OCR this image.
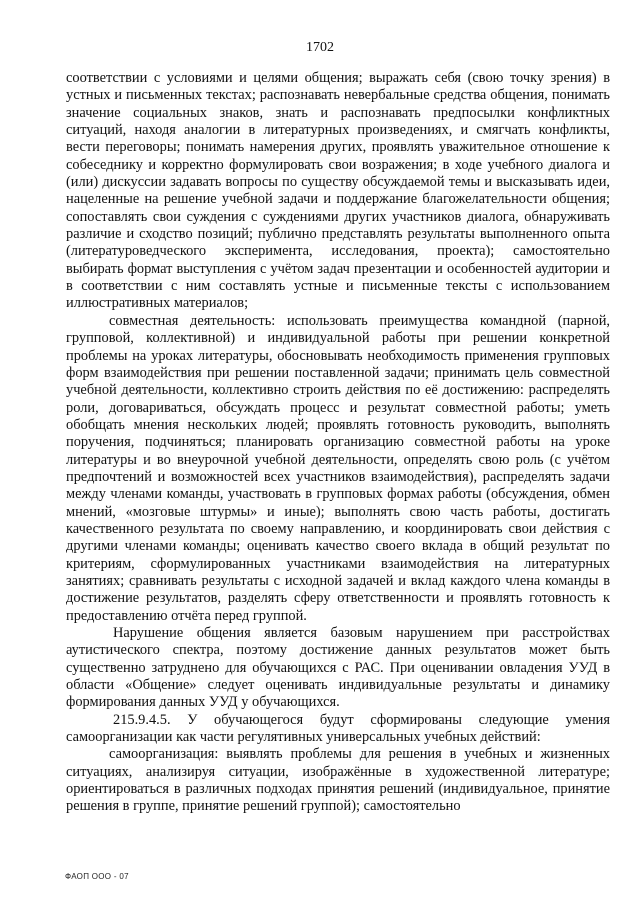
1702

соответствии с условиями и целями общения; выражать себя (свою точку зрения) в устных и письменных текстах; распознавать невербальные средства общения, понимать значение социальных знаков, знать и распознавать предпосылки конфликтных ситуаций, находя аналогии в литературных произведениях, и смягчать конфликты, вести переговоры; понимать намерения других, проявлять уважительное отношение к собеседнику и корректно формулировать свои возражения; в ходе учебного диалога и (или) дискуссии задавать вопросы по существу обсуждаемой темы и высказывать идеи, нацеленные на решение учебной задачи и поддержание благожелательности общения; сопоставлять свои суждения с суждениями других участников диалога, обнаруживать различие и сходство позиций; публично представлять результаты выполненного опыта (литературоведческого эксперимента, исследования, проекта); самостоятельно выбирать формат выступления с учётом задач презентации и особенностей аудитории и в соответствии с ним составлять устные и письменные тексты с использованием иллюстративных материалов;

совместная деятельность: использовать преимущества командной (парной, групповой, коллективной) и индивидуальной работы при решении конкретной проблемы на уроках литературы, обосновывать необходимость применения групповых форм взаимодействия при решении поставленной задачи; принимать цель совместной учебной деятельности, коллективно строить действия по её достижению: распределять роли, договариваться, обсуждать процесс и результат совместной работы; уметь обобщать мнения нескольких людей; проявлять готовность руководить, выполнять поручения, подчиняться; планировать организацию совместной работы на уроке литературы и во внеурочной учебной деятельности, определять свою роль (с учётом предпочтений и возможностей всех участников взаимодействия), распределять задачи между членами команды, участвовать в групповых формах работы (обсуждения, обмен мнений, «мозговые штурмы» и иные); выполнять свою часть работы, достигать качественного результата по своему направлению, и координировать свои действия с другими членами команды; оценивать качество своего вклада в общий результат по критериям, сформулированных участниками взаимодействия на литературных занятиях; сравнивать результаты с исходной задачей и вклад каждого члена команды в достижение результатов, разделять сферу ответственности и проявлять готовность к предоставлению отчёта перед группой.

Нарушение общения является базовым нарушением при расстройствах аутистического спектра, поэтому достижение данных результатов может быть существенно затруднено для обучающихся с РАС. При оценивании овладения УУД в области «Общение» следует оценивать индивидуальные результаты и динамику формирования данных УУД у обучающихся.

215.9.4.5. У обучающегося будут сформированы следующие умения самоорганизации как части регулятивных универсальных учебных действий:

самоорганизация: выявлять проблемы для решения в учебных и жизненных ситуациях, анализируя ситуации, изображённые в художественной литературе; ориентироваться в различных подходах принятия решений (индивидуальное, принятие решения в группе, принятие решений группой); самостоятельно

ФАОП ООО - 07
